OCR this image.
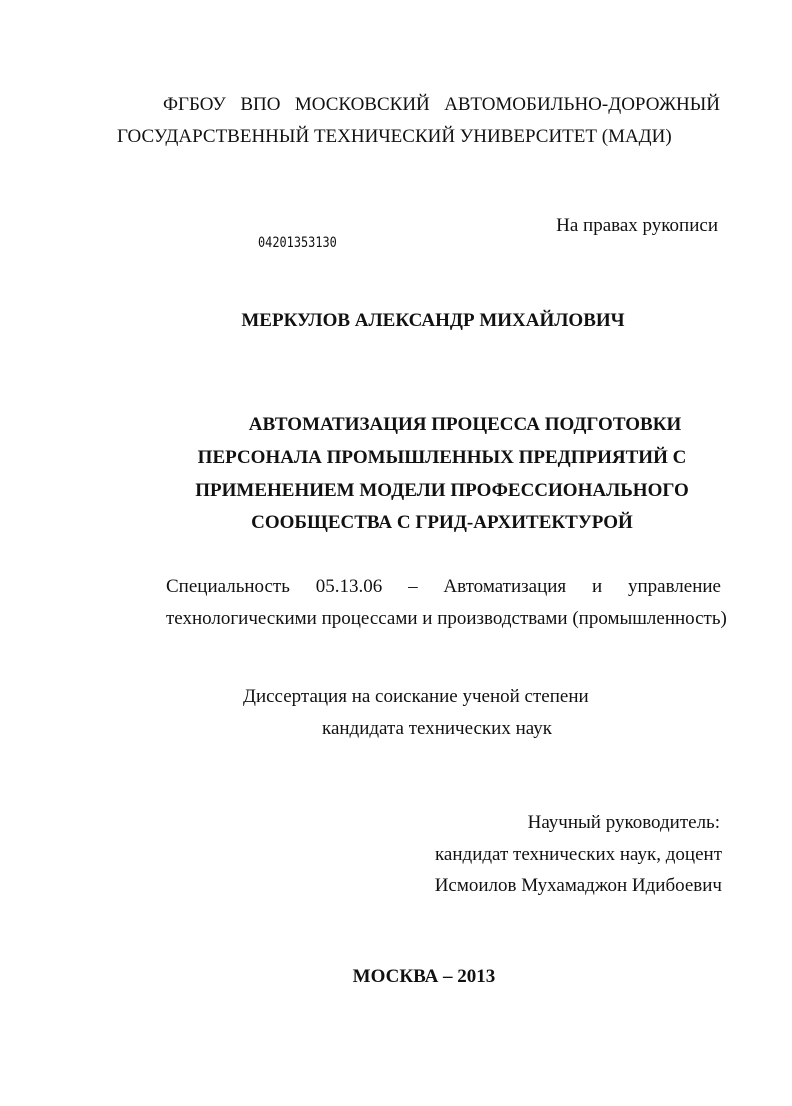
ФГБОУ ВПО МОСКОВСКИЙ АВТОМОБИЛЬНО-ДОРОЖНЫЙ
ГОСУДАРСТВЕННЫЙ ТЕХНИЧЕСКИЙ УНИВЕРСИТЕТ (МАДИ)
На правах рукописи
04201353130
МЕРКУЛОВ АЛЕКСАНДР МИХАЙЛОВИЧ
АВТОМАТИЗАЦИЯ ПРОЦЕССА ПОДГОТОВКИ
ПЕРСОНАЛА ПРОМЫШЛЕННЫХ ПРЕДПРИЯТИЙ С
ПРИМЕНЕНИЕМ МОДЕЛИ ПРОФЕССИОНАЛЬНОГО
СООБЩЕСТВА С ГРИД-АРХИТЕКТУРОЙ
Специальность 05.13.06 – Автоматизация и управление
технологическими процессами и производствами (промышленность)
Диссертация на соискание ученой степени
кандидата технических наук
Научный руководитель:
кандидат технических наук, доцент
Исмоилов Мухамаджон Идибоевич
МОСКВА – 2013
